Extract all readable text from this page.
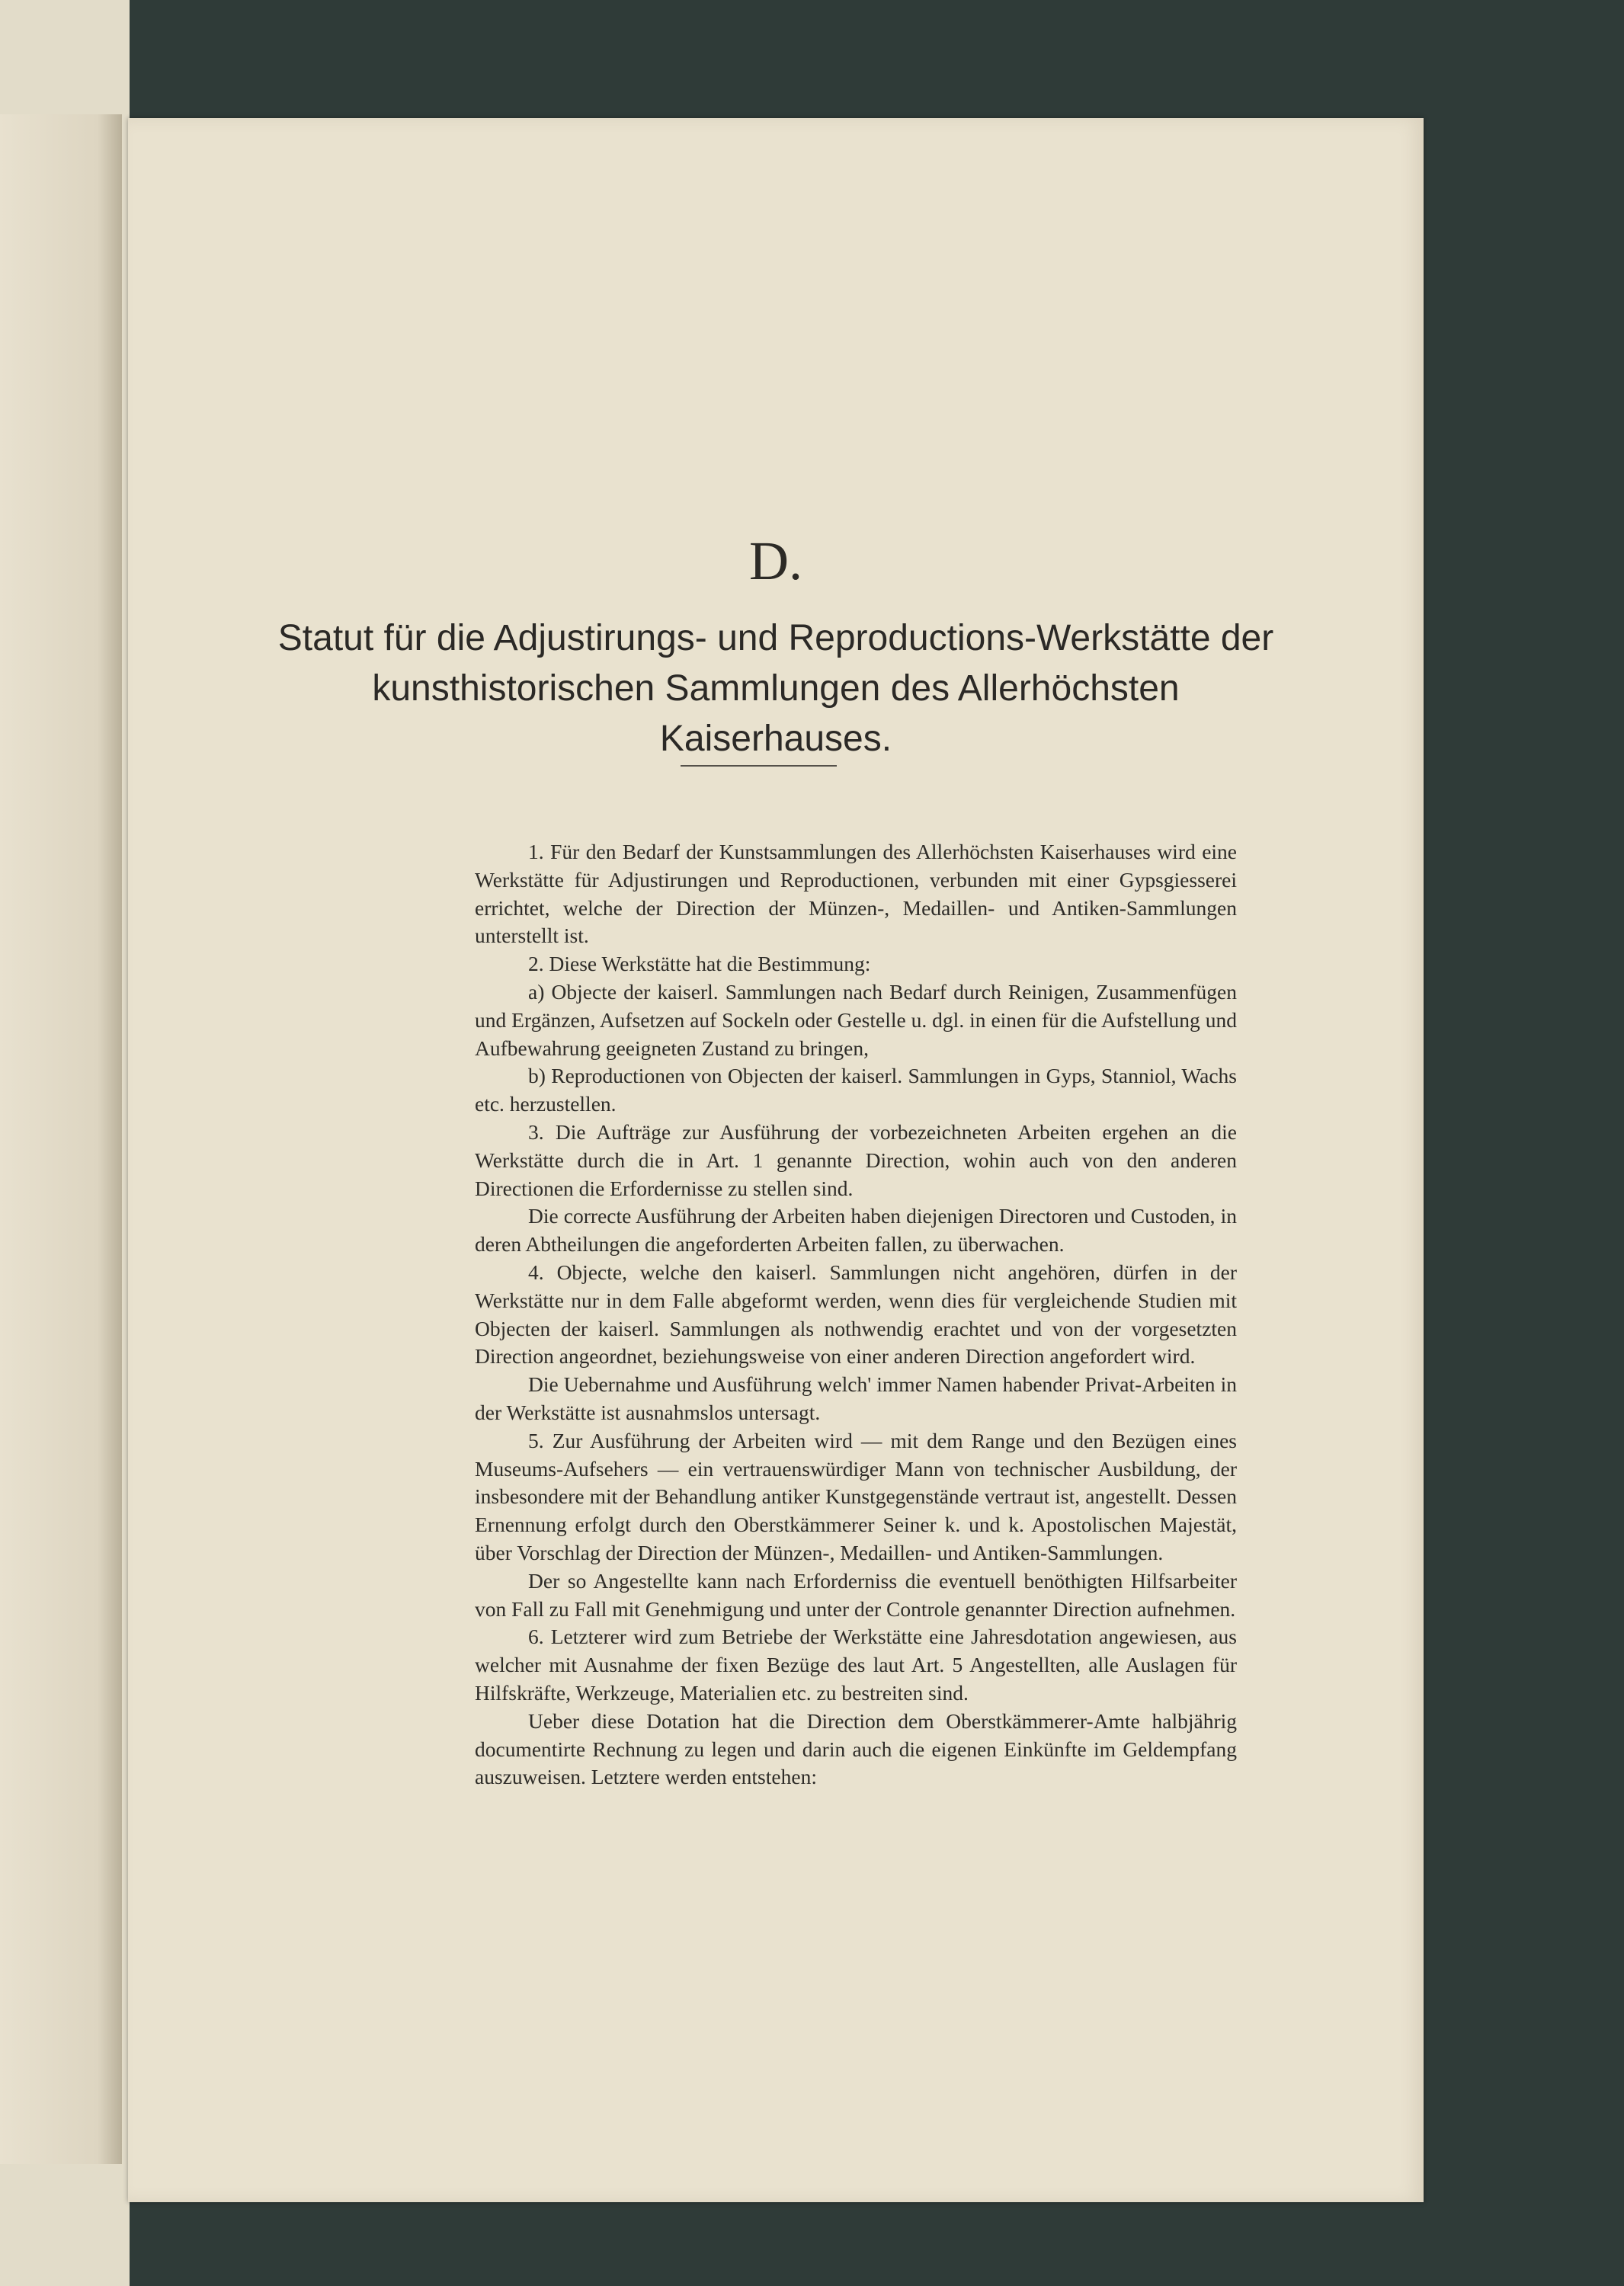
D.
Statut für die Adjustirungs- und Reproductions-Werkstätte der
kunsthistorischen Sammlungen des Allerhöchsten Kaiserhauses.

1. Für den Bedarf der Kunstsammlungen des Allerhöchsten Kaiserhauses wird eine Werkstätte für Adjustirungen und Reproductionen, verbunden mit einer Gypsgiesserei errichtet, welche der Direction der Münzen-, Medaillen- und Antiken-Sammlungen unterstellt ist.

2. Diese Werkstätte hat die Bestimmung:

a) Objecte der kaiserl. Sammlungen nach Bedarf durch Reinigen, Zusammenfügen und Ergänzen, Aufsetzen auf Sockeln oder Gestelle u. dgl. in einen für die Aufstellung und Aufbewahrung geeigneten Zustand zu bringen,

b) Reproductionen von Objecten der kaiserl. Sammlungen in Gyps, Stanniol, Wachs etc. herzustellen.

3. Die Aufträge zur Ausführung der vorbezeichneten Arbeiten ergehen an die Werkstätte durch die in Art. 1 genannte Direction, wohin auch von den anderen Directionen die Erfordernisse zu stellen sind.

Die correcte Ausführung der Arbeiten haben diejenigen Directoren und Custoden, in deren Abtheilungen die angeforderten Arbeiten fallen, zu überwachen.

4. Objecte, welche den kaiserl. Sammlungen nicht angehören, dürfen in der Werkstätte nur in dem Falle abgeformt werden, wenn dies für vergleichende Studien mit Objecten der kaiserl. Sammlungen als nothwendig erachtet und von der vorgesetzten Direction angeordnet, beziehungsweise von einer anderen Direction angefordert wird.

Die Uebernahme und Ausführung welch' immer Namen habender Privat-Arbeiten in der Werkstätte ist ausnahmslos untersagt.

5. Zur Ausführung der Arbeiten wird — mit dem Range und den Bezügen eines Museums-Aufsehers — ein vertrauenswürdiger Mann von technischer Ausbildung, der insbesondere mit der Behandlung antiker Kunstgegenstände vertraut ist, angestellt. Dessen Ernennung erfolgt durch den Oberstkämmerer Seiner k. und k. Apostolischen Majestät, über Vorschlag der Direction der Münzen-, Medaillen- und Antiken-Sammlungen.

Der so Angestellte kann nach Erforderniss die eventuell benöthigten Hilfsarbeiter von Fall zu Fall mit Genehmigung und unter der Controle genannter Direction aufnehmen.

6. Letzterer wird zum Betriebe der Werkstätte eine Jahresdotation angewiesen, aus welcher mit Ausnahme der fixen Bezüge des laut Art. 5 Angestellten, alle Auslagen für Hilfskräfte, Werkzeuge, Materialien etc. zu bestreiten sind.

Ueber diese Dotation hat die Direction dem Oberstkämmerer-Amte halbjährig documentirte Rechnung zu legen und darin auch die eigenen Einkünfte im Geldempfang auszuweisen. Letztere werden entstehen:
